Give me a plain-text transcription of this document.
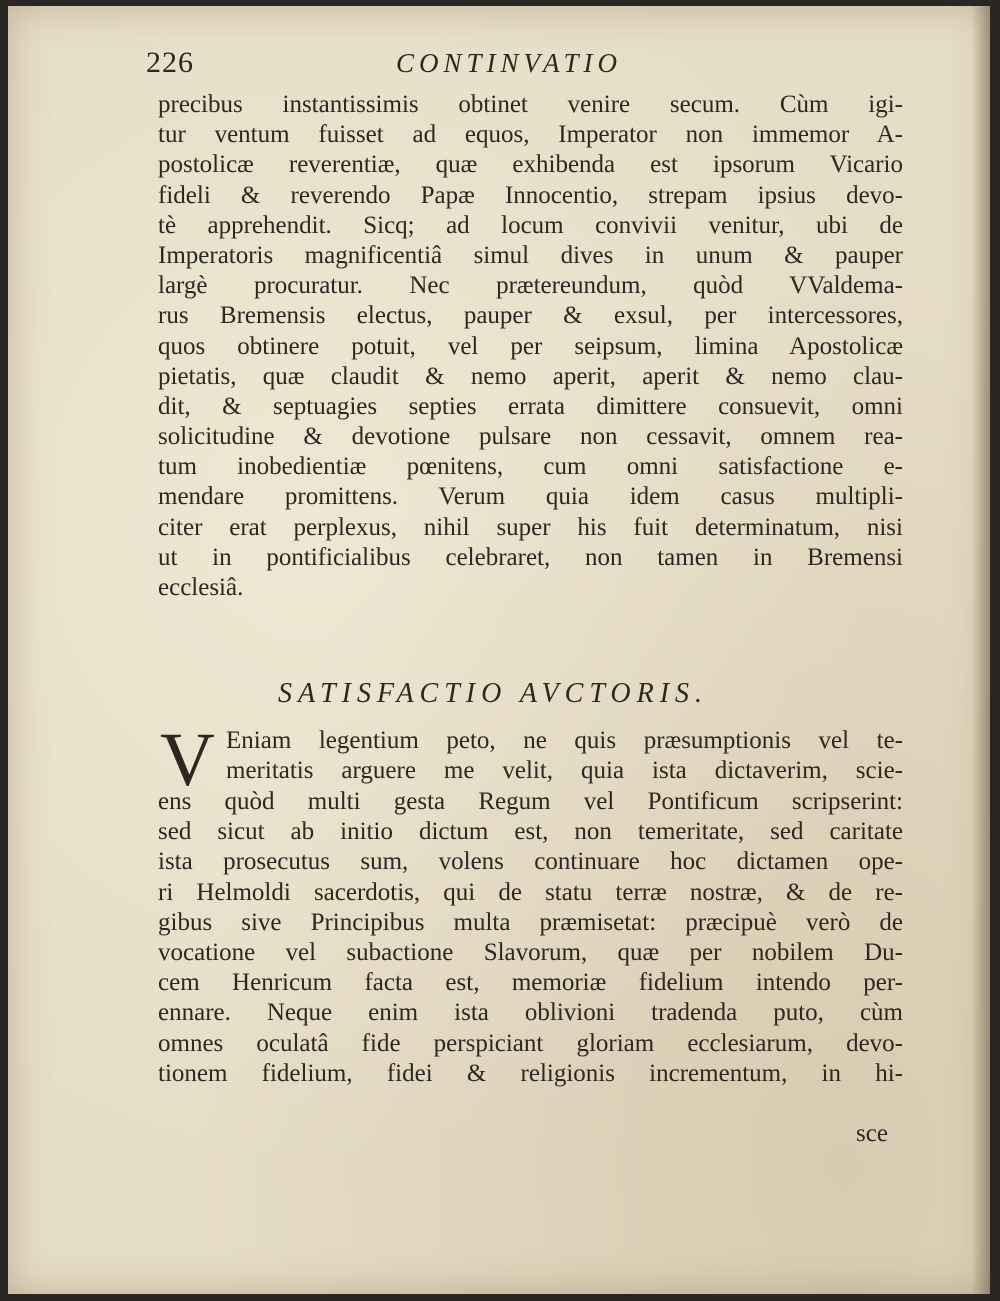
226	CONTINVATIO
precibus instantissimis obtinet venire secum. Cùm igi-
tur ventum fuisset ad equos, Imperator non immemor A-
postolicæ reverentiæ, quæ exhibenda est ipsorum Vicario
fideli & reverendo Papæ Innocentio, strepam ipsius devo-
tè apprehendit. Sicq; ad locum convivii venitur, ubi de
Imperatoris magnificentiâ simul dives in unum & pauper
largè procuratur. Nec prætereundum, quòd VValdema-
rus Bremensis electus, pauper & exsul, per intercessores,
quos obtinere potuit, vel per seipsum, limina Apostolicæ
pietatis, quæ claudit & nemo aperit, aperit & nemo clau-
dit, & septuagies septies errata dimittere consuevit, omni
solicitudine & devotione pulsare non cessavit, omnem rea-
tum inobedientiæ pœnitens, cum omni satisfactione e-
mendare promittens. Verum quia idem casus multipli-
citer erat perplexus, nihil super his fuit determinatum, nisi
ut in pontificialibus celebraret, non tamen in Bremensi
ecclesiâ.
SATISFACTIO AVCTORIS.
V Eniam legentium peto, ne quis præsumptionis vel te-
meritatis arguere me velit, quia ista dictaverim, scie-
ens quòd multi gesta Regum vel Pontificum scripserint:
sed sicut ab initio dictum est, non temeritate, sed caritate
ista prosecutus sum, volens continuare hoc dictamen ope-
ri Helmoldi sacerdotis, qui de statu terræ nostræ, & de re-
gibus sive Principibus multa præmisetat: præcipuè verò de
vocatione vel subactione Slavorum, quæ per nobilem Du-
cem Henricum facta est, memoriæ fidelium intendo per-
ennare. Neque enim ista oblivioni tradenda puto, cùm
omnes oculatâ fide perspiciant gloriam ecclesiarum, devo-
tionem fidelium, fidei & religionis incrementum, in hi-
sce
